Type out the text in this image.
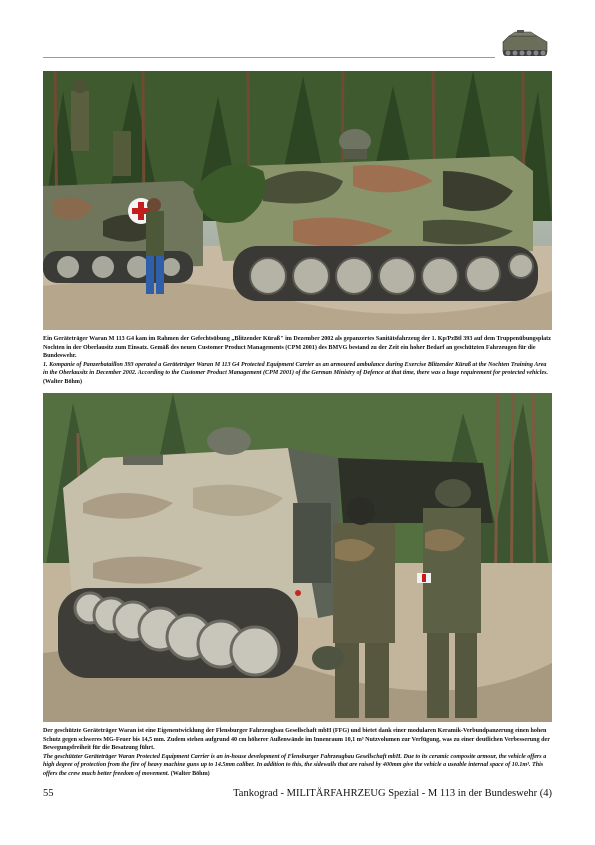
Ein Geräteträger Waran M 113 G4 kam im Rahmen der Gefechtsübung „Blitzender Küraß" im Dezember 2002 als gepanzertes Sanitätsfahrzeug der 1. Kp/PzBtl 393 auf dem Truppenübungsplatz Nochten in der Oberlausitz zum Einsatz. Gemäß des neuen Customer Product Managements (CPM 2001) des BMVG bestand zu der Zeit ein hoher Bedarf an geschützten Fahrzeugen für die Bundeswehr.

1. Kompanie of Panzerbataillon 393 operated a Geräteträger Waran M 113 G4 Protected Equipment Carrier as an armoured ambulance during Exercise Blitzender Küraß at the Nochten Training Area in the Oberlausitz in December 2002. According to the Customer Product Management (CPM 2001) of the German Ministry of Defence at that time, there was a huge requirement for protected vehicles. (Walter Böhm)

Der geschützte Geräteträger Waran ist eine Eigenentwicklung der Flensburger Fahrzeugbau Gesellschaft mbH (FFG) und bietet dank einer modularen Keramik-Verbundpanzerung einen hohen Schutz gegen schweres MG-Feuer bis 14,5 mm. Zudem stehen aufgrund 40 cm höherer Außenwände im Innenraum 10,1 m³ Nutzvolumen zur Verfügung, was zu einer deutlichen Verbesserung der Bewegungsfreiheit für die Besatzung führt.

The geschützter Geräteträger Waran Protected Equipment Carrier is an in-house development of Flensburger Fahrzeugbau Gesellschaft mbH. Due to its ceramic composite armour, the vehicle offers a high degree of protection from the fire of heavy machine guns up to 14.5mm caliber. In addition to this, the sidewalls that are raised by 400mm give the vehicle a useable internal space of 10.1m³. This offers the crew much better freedom of movement. (Walter Böhm)

55	Tankograd - MILITÄRFAHRZEUG Spezial - M 113 in der Bundeswehr (4)
